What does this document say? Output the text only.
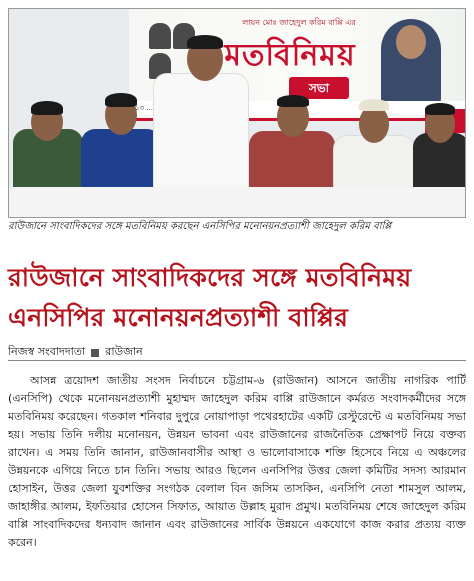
লায়ন মোঃ জাহেদুল করিম বাপ্পি এর
মতবিনিময়
সভা
১৩
রাউজানে সাংবাদিকদের সঙ্গে মতবিনিময় করছেন এনসিপির মনোনয়নপ্রত্যাশী জাহেদুল করিম বাপ্পি
রাউজানে সাংবাদিকদের সঙ্গে মতবিনিময় এনসিপির মনোনয়নপ্রত্যাশী বাপ্পির
নিজস্ব সংবাদদাতা রাউজান
আসন্ন ত্রয়োদশ জাতীয় সংসদ নির্বাচনে চট্টগ্রাম-৬ (রাউজান) আসনে জাতীয় নাগরিক পার্টি (এনসিপি) থেকে মনোনয়নপ্রত্যাশী মুহাম্মদ জাহেদুল করিম বাপ্পি রাউজানে কর্মরত সংবাদকর্মীদের সঙ্গে মতবিনিময় করেছেন। গতকাল শনিবার দুপুরে নোয়াপাড়া পথেরহাটের একটি রেস্টুরেন্টে এ মতবিনিময় সভা হয়। সভায় তিনি দলীয় মনোনয়ন, উন্নয়ন ভাবনা এবং রাউজানের রাজনৈতিক প্রেক্ষাপট নিয়ে বক্তব্য রাখেন। এ সময় তিনি জানান, রাউজানবাসীর আস্থা ও ভালোবাসাকে শক্তি হিসেবে নিয়ে এ অঞ্চলের উন্নয়নকে এগিয়ে নিতে চান তিনি। সভায় আরও ছিলেন এনসিপির উত্তর জেলা কমিটির সদস্য আরমান হোসাইন, উত্তর জেলা যুবশক্তির সংগঠক বেলাল বিন জসিম তাসকিন, এনসিপি নেতা শামসুল আলম, জাহাঙ্গীর আলম, ইফতিয়ার হোসেন সিফাত, আয়াত উল্লাহ মুরাদ প্রমুখ। মতবিনিময় শেষে জাহেদুল করিম বাপ্পি সাংবাদিকদের ধন্যবাদ জানান এবং রাউজানের সার্বিক উন্নয়নে একযোগে কাজ করার প্রত্যয় ব্যক্ত করেন।
